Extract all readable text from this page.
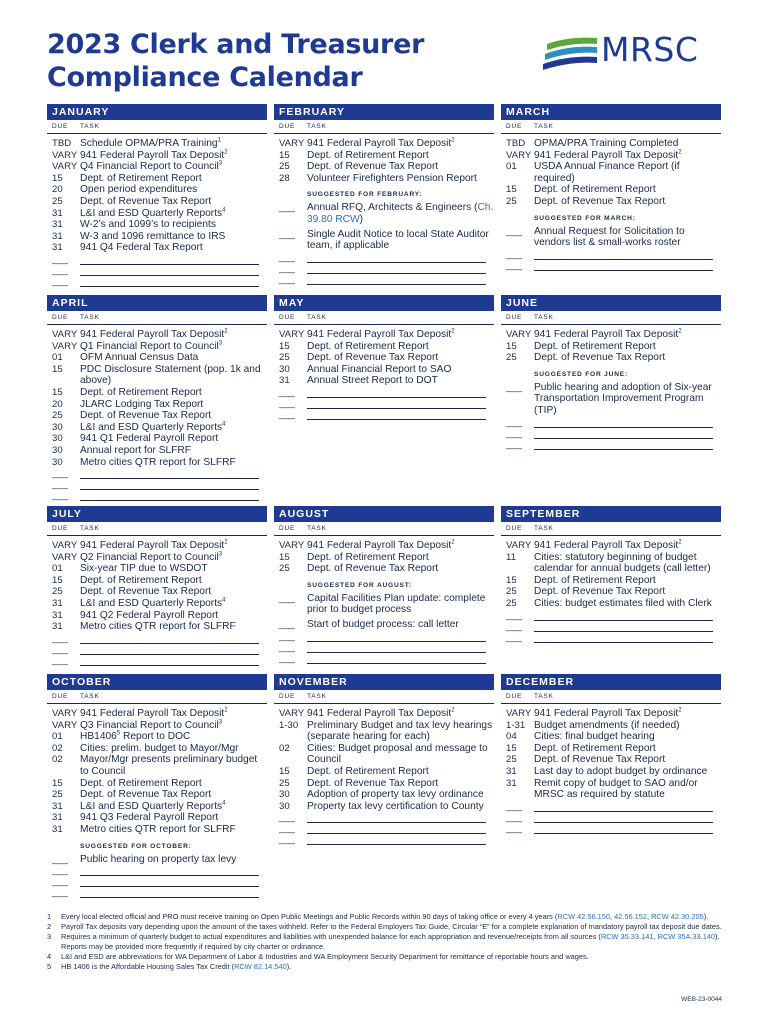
2023 Clerk and Treasurer
Compliance Calendar
MRSC
JANUARY
DUE	TASK
TBD Schedule OPMA/PRA Training$^1$
VARY 941 Federal Payroll Tax Deposit$^2$
VARY Q4 Financial Report to Council$^3$
15	Dept. of Retirement Report
20	Open period expenditures
25	Dept. of Revenue Tax Report
31	L&I and ESD Quarterly Reports$^4$
31	W-2’s and 1099’s to recipients
31	W-3 and 1096 remittance to IRS
31	941 Q4 Federal Tax Report
___
___
___
FEBRUARY
DUE	TASK
VARY 941 Federal Payroll Tax Deposit$^2$
15	Dept. of Retirement Report
25	Dept. of Revenue Tax Report
28	Volunteer Firefighters Pension Report
SUGGESTED FOR FEBRUARY:
___	Annual RFQ, Architects & Engineers (Ch. 39.80 RCW)
___	Single Audit Notice to local State Auditor team, if applicable
___
___
___
MARCH
DUE	TASK
TBD OPMA/PRA Training Completed
VARY 941 Federal Payroll Tax Deposit$^2$
01	USDA Annual Finance Report (if required)
15	Dept. of Retirement Report
25	Dept. of Revenue Tax Report
SUGGESTED FOR MARCH:
___	Annual Request for Solicitation to vendors list & small-works roster
___
___
APRIL
DUE	TASK
VARY 941 Federal Payroll Tax Deposit$^2$
VARY Q1 Financial Report to Council$^3$
01	OFM Annual Census Data
15	PDC Disclosure Statement (pop. 1k and above)
15	Dept. of Retirement Report
20	JLARC Lodging Tax Report
25	Dept. of Revenue Tax Report
30	L&I and ESD Quarterly Reports$^4$
30	941 Q1 Federal Payroll Report
30	Annual report for SLFRF
30	Metro cities QTR report for SLFRF
___
___
___
MAY
DUE	TASK
VARY 941 Federal Payroll Tax Deposit$^2$
15	Dept. of Retirement Report
25	Dept. of Revenue Tax Report
30	Annual Financial Report to SAO
31	Annual Street Report to DOT
___
___
___
JUNE
DUE	TASK
VARY 941 Federal Payroll Tax Deposit$^2$
15	Dept. of Retirement Report
25	Dept. of Revenue Tax Report
SUGGESTED FOR JUNE:
___	Public hearing and adoption of Six-year Transportation Improvement Program (TIP)
___
___
___
JULY
DUE	TASK
VARY 941 Federal Payroll Tax Deposit$^2$
VARY Q2 Financial Report to Council$^3$
01	Six-year TIP due to WSDOT
15	Dept. of Retirement Report
25	Dept. of Revenue Tax Report
31	L&I and ESD Quarterly Reports$^4$
31	941 Q2 Federal Payroll Report
31	Metro cities QTR report for SLFRF
___
___
___
AUGUST
DUE	TASK
VARY 941 Federal Payroll Tax Deposit$^2$
15	Dept. of Retirement Report
25	Dept. of Revenue Tax Report
SUGGESTED FOR AUGUST:
___	Capital Facilities Plan update: complete prior to budget process
___	Start of budget process: call letter
___
___
___
SEPTEMBER
DUE	TASK
VARY 941 Federal Payroll Tax Deposit$^2$
11	Cities: statutory beginning of budget calendar for annual budgets (call letter)
15	Dept. of Retirement Report
25	Dept. of Revenue Tax Report
25	Cities: budget estimates filed with Clerk
___
___
___
OCTOBER
DUE	TASK
VARY 941 Federal Payroll Tax Deposit$^2$
VARY Q3 Financial Report to Council$^3$
01	HB1406$^5$ Report to DOC
02	Cities: prelim. budget to Mayor/Mgr
02	Mayor/Mgr presents preliminary budget to Council
15	Dept. of Retirement Report
25	Dept. of Revenue Tax Report
31	L&I and ESD Quarterly Reports$^4$
31	941 Q3 Federal Payroll Report
31	Metro cities QTR report for SLFRF
SUGGESTED FOR OCTOBER:
___	Public hearing on property tax levy
___
___
___
NOVEMBER
DUE	TASK
VARY 941 Federal Payroll Tax Deposit$^2$
1-30 Preliminary Budget and tax levy hearings (separate hearing for each)
02	Cities: Budget proposal and message to Council
15	Dept. of Retirement Report
25	Dept. of Revenue Tax Report
30	Adoption of property tax levy ordinance
30	Property tax levy certification to County
___
___
___
DECEMBER
DUE	TASK
VARY 941 Federal Payroll Tax Deposit$^2$
1-31 Budget amendments (if needed)
04	Cities: final budget hearing
15	Dept. of Retirement Report
25	Dept. of Revenue Tax Report
31	Last day to adopt budget by ordinance
31	Remit copy of budget to SAO and/or MRSC as required by statute
___
___
___
1	Every local elected official and PRO must receive training on Open Public Meetings and Public Records within 90 days of taking office or every 4 years (RCW 42.56.150, 42.56.152, RCW 42.30.205).
2	Payroll Tax deposits vary depending upon the amount of the taxes withheld. Refer to the Federal Employers Tax Guide, Circular “E” for a complete explanation of mandatory payroll tax deposit due dates.
3	Requires a minimum of quarterly budget to actual expenditures and liabilities with unexpended balance for each appropriation and revenue/receipts from all sources (RCW 35.33.141, RCW 35A.33.140). Reports may be provided more frequently if required by city charter or ordinance.
4	L&I and ESD are abbreviations for WA Department of Labor & Industries and WA Employment Security Department for remittance of reportable hours and wages.
5	HB 1406 is the Affordable Housing Sales Tax Credit (RCW 82.14.540).
WEB-23-0044
